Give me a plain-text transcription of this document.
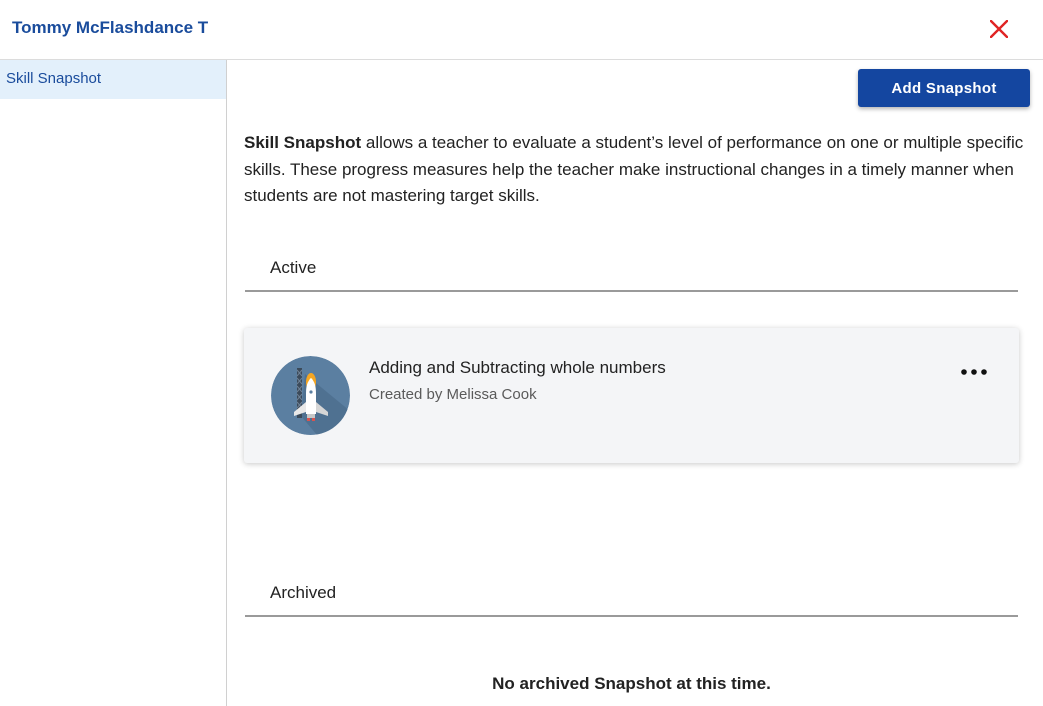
Tommy McFlashdance T
Skill Snapshot
Add Snapshot

Skill Snapshot allows a teacher to evaluate a student’s level of performance on one or multiple specific skills. These progress measures help the teacher make instructional changes in a timely manner when students are not mastering target skills.

Active
Adding and Subtracting whole numbers
Created by Melissa Cook
Archived
No archived Snapshot at this time.
